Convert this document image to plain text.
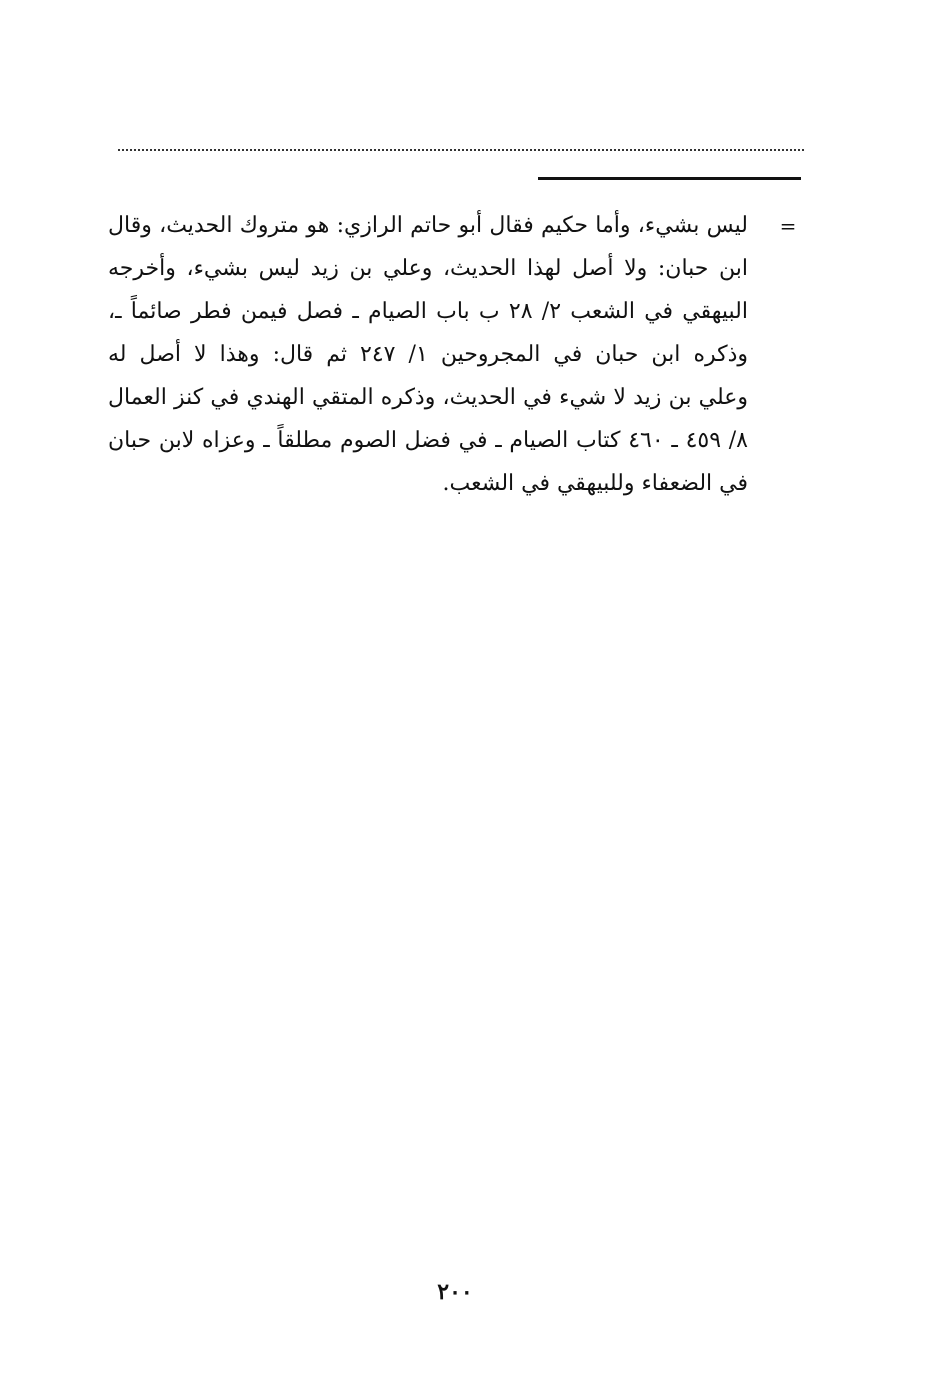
=
ليس بشيء، وأما حكيم فقال أبو حاتم الرازي: هو متروك الحديث، وقال
ابن حبان: ولا أصل لهذا الحديث، وعلي بن زيد ليس بشيء، وأخرجه
البيهقي في الشعب ٢/ ٢٨ ب باب الصيام ـ فصل فيمن فطر صائماً ـ،
وذكره ابن حبان في المجروحين ١/ ٢٤٧ ثم قال: وهذا لا أصل له
وعلي بن زيد لا شيء في الحديث، وذكره المتقي الهندي في كنز العمال
٨/ ٤٥٩ ـ ٤٦٠ كتاب الصيام ـ في فضل الصوم مطلقاً ـ وعزاه لابن حبان
في الضعفاء وللبيهقي في الشعب.
٢٠٠
